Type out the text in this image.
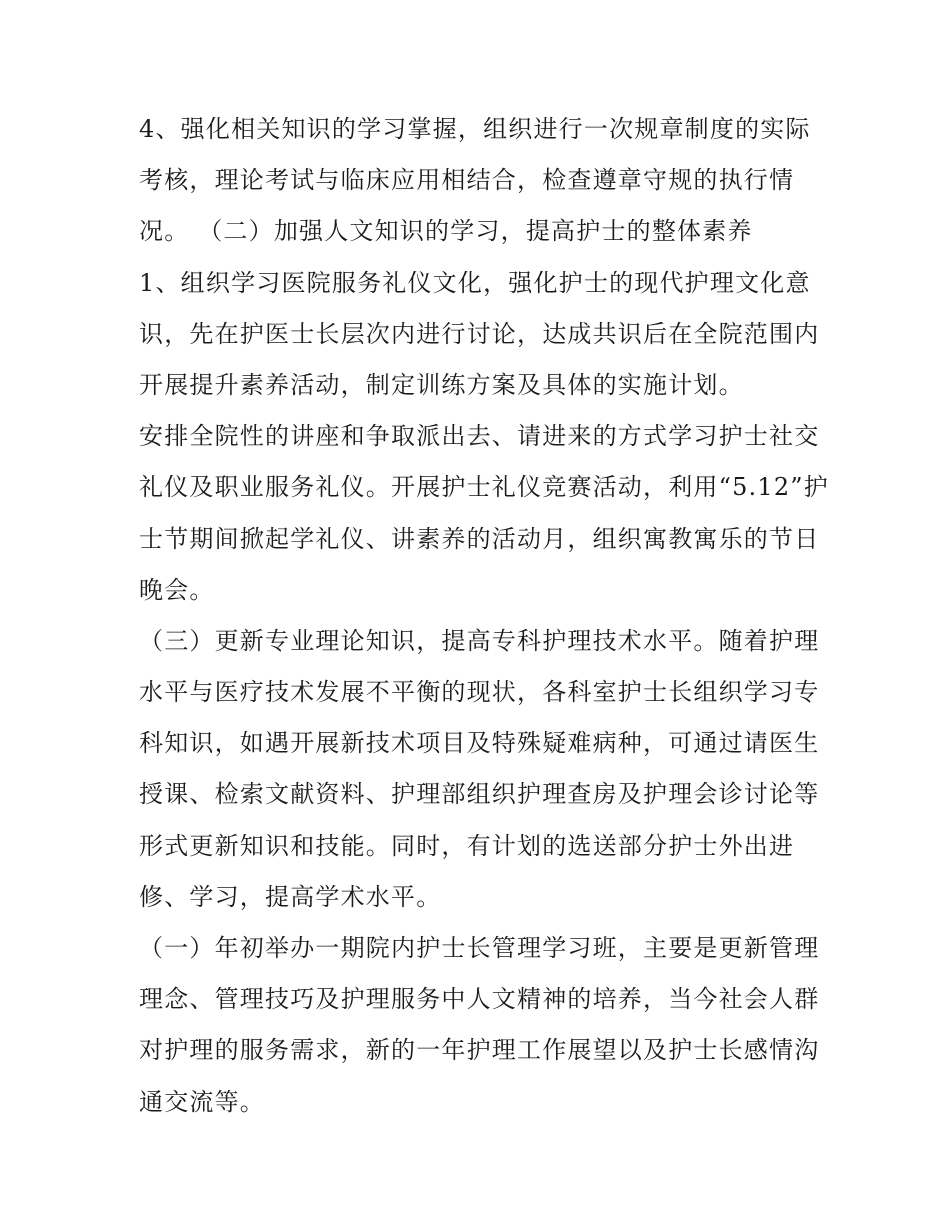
4、强化相关知识的学习掌握，组织进行一次规章制度的实际
考核，理论考试与临床应用相结合，检查遵章守规的执行情
况。 （二）加强人文知识的学习，提高护士的整体素养
1、组织学习医院服务礼仪文化，强化护士的现代护理文化意
识，先在护医士长层次内进行讨论，达成共识后在全院范围内
开展提升素养活动，制定训练方案及具体的实施计划。
安排全院性的讲座和争取派出去、请进来的方式学习护士社交
礼仪及职业服务礼仪。开展护士礼仪竞赛活动，利用“5.12”护
士节期间掀起学礼仪、讲素养的活动月，组织寓教寓乐的节日
晚会。
（三）更新专业理论知识，提高专科护理技术水平。随着护理
水平与医疗技术发展不平衡的现状，各科室护士长组织学习专
科知识，如遇开展新技术项目及特殊疑难病种，可通过请医生
授课、检索文献资料、护理部组织护理查房及护理会诊讨论等
形式更新知识和技能。同时，有计划的选送部分护士外出进
修、学习，提高学术水平。
（一）年初举办一期院内护士长管理学习班，主要是更新管理
理念、管理技巧及护理服务中人文精神的培养，当今社会人群
对护理的服务需求，新的一年护理工作展望以及护士长感情沟
通交流等。
